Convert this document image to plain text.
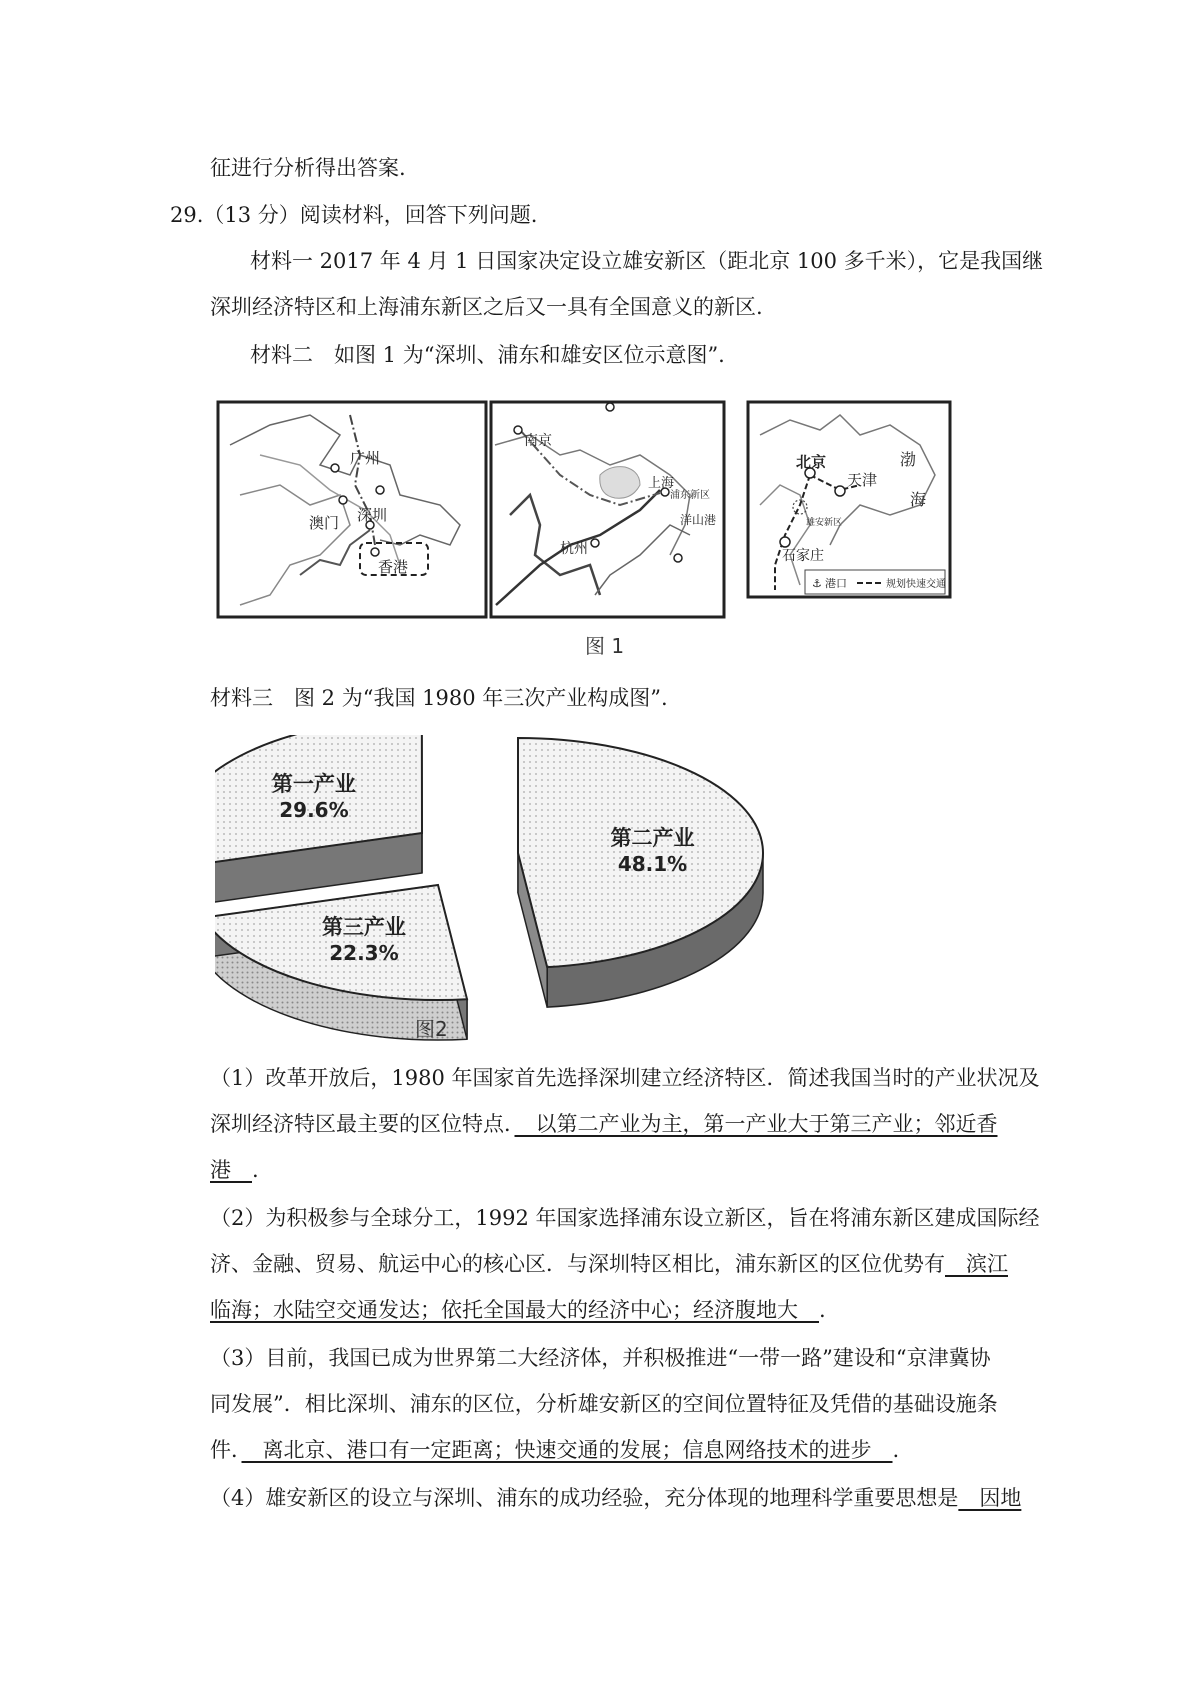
征进行分析得出答案.
29.（13 分）阅读材料，回答下列问题.
材料一 2017 年 4 月 1 日国家决定设立雄安新区（距北京 100 多千米），它是我国继
深圳经济特区和上海浦东新区之后又一具有全国意义的新区.
材料二　如图 1 为“深圳、浦东和雄安区位示意图”.
广州
深圳
澳门
香港
南京
上海
浦东新区
洋山港
杭州
北京
天津
渤
海
雄安新区
石家庄
⚓ 港口	规划快速交通
图 1
材料三　图 2 为“我国 1980 年三次产业构成图”.
第一产业
29.6%
第二产业
48.1%
第三产业
22.3%
图2
（1）改革开放后，1980 年国家首先选择深圳建立经济特区．简述我国当时的产业状况及
深圳经济特区最主要的区位特点．　以第二产业为主，第一产业大于第三产业；邻近香
港　.
（2）为积极参与全球分工，1992 年国家选择浦东设立新区，旨在将浦东新区建成国际经
济、金融、贸易、航运中心的核心区．与深圳特区相比，浦东新区的区位优势有　滨江
临海；水陆空交通发达；依托全国最大的经济中心；经济腹地大　.
（3）目前，我国已成为世界第二大经济体，并积极推进“一带一路”建设和“京津冀协
同发展”．相比深圳、浦东的区位，分析雄安新区的空间位置特征及凭借的基础设施条
件．　离北京、港口有一定距离；快速交通的发展；信息网络技术的进步　.
（4）雄安新区的设立与深圳、浦东的成功经验，充分体现的地理科学重要思想是　因地
